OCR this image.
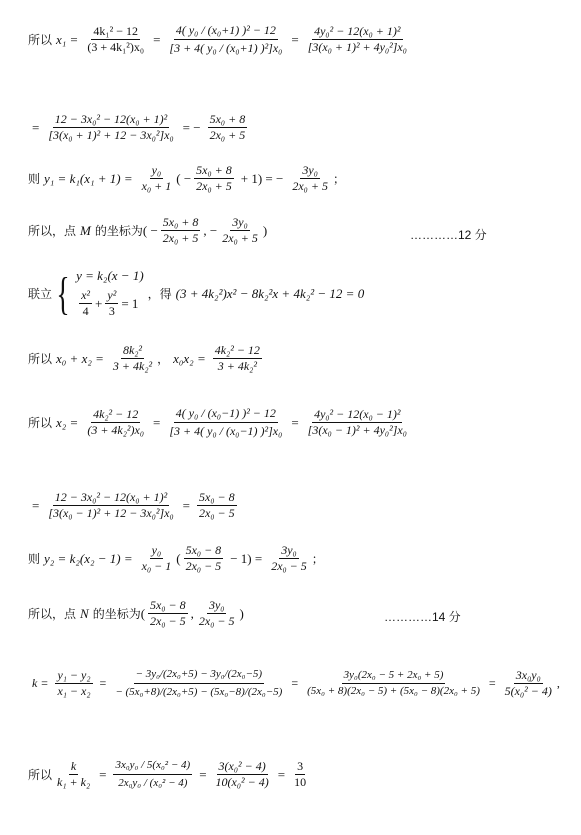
所以 $x_1 = \frac{\text{4k₁² − 12}}{\text{(3 + 4k₁²)x₀}} = \frac{\text{4( y₀ / (x₀+1) )² − 12}}{\text{[3 + 4( y₀ / (x₀+1) )²]x₀}} = \frac{\text{4y₀² − 12(x₀ + 1)²}}{\text{[3(x₀ + 1)² + 4y₀²]x₀}}$
= $\frac{\text{12 − 3x₀² − 12(x₀ + 1)²}}{\text{[3(x₀ + 1)² + 12 − 3x₀²]x₀}}$ = − $\frac{\text{5x₀ + 8}}{\text{2x₀ + 5}}$
则 $y_1 = k_1(x_1 + 1) = \frac{\text{y₀}}{\text{x₀ + 1}}$ ( − $\frac{\text{5x₀ + 8}}{\text{2x₀ + 5}} + 1$) = − $\frac{\text{3y₀}}{\text{2x₀ + 5}}$ ；
所以，点 M 的坐标为 ( − $\frac{\text{5x₀ + 8}}{\text{2x₀ + 5}}$ , − $\frac{\text{3y₀}}{\text{2x₀ + 5}}$ )	…………12 分
联立 { y = k₂(x − 1)
$\frac{\text{x²}}{4} + \frac{\text{y²}}{3} = 1$
，得 (3 + 4k₂²)x² − 8k₂²x + 4k₂² − 12 = 0
所以 $x_0 + x_2 = \frac{\text{8k₂²}}{\text{3 + 4k₂²}}$ ， $x_0x_2 = \frac{\text{4k₂² − 12}}{\text{3 + 4k₂²}}$
所以 $x_2 = \frac{\text{4k₂² − 12}}{\text{(3 + 4k₂²)x₀}} = \frac{\text{4( y₀ / (x₀−1) )² − 12}}{\text{[3 + 4( y₀ / (x₀−1) )²]x₀}} = \frac{\text{4y₀² − 12(x₀ − 1)²}}{\text{[3(x₀ − 1)² + 4y₀²]x₀}}$
= $\frac{\text{12 − 3x₀² − 12(x₀ + 1)²}}{\text{[3(x₀ − 1)² + 12 − 3x₀²]x₀}} = \frac{\text{5x₀ − 8}}{\text{2x₀ − 5}}$
则 $y_2 = k_2(x_2 - 1) = \frac{\text{y₀}}{\text{x₀ − 1}}$ ( $\frac{\text{5x₀ − 8}}{\text{2x₀ − 5}} - 1) = \frac{\text{3y₀}}{\text{2x₀ − 5}}$ ；
所以，点 N 的坐标为 ( $\frac{\text{5x₀ − 8}}{\text{2x₀ − 5}}$ , $\frac{\text{3y₀}}{\text{2x₀ − 5}}$ )	…………14 分
$k = \frac{\text{y₁ − y₂}}{\text{x₁ − x₂}} = \frac{\text{− 3y₀/(2x₀+5) − 3y₀/(2x₀−5)}}{\text{− (5x₀+8)/(2x₀+5) − (5x₀−8)/(2x₀−5)}} = \frac{\text{3y₀(2x₀ − 5 + 2x₀ + 5)}}{\text{(5x₀ + 8)(2x₀ − 5) + (5x₀ − 8)(2x₀ + 5)}} = \frac{\text{3x₀y₀}}{\text{5(x₀² − 4)}}$ ,
所以 $\frac{k}{\text{k₁ + k₂}} = \frac{\text{3x₀y₀ / 5(x₀² − 4)}}{\text{2x₀y₀ / (x₀² − 4)}} = \frac{\text{3(x₀² − 4)}}{\text{10(x₀² − 4)}} = \frac{3}{10}$
